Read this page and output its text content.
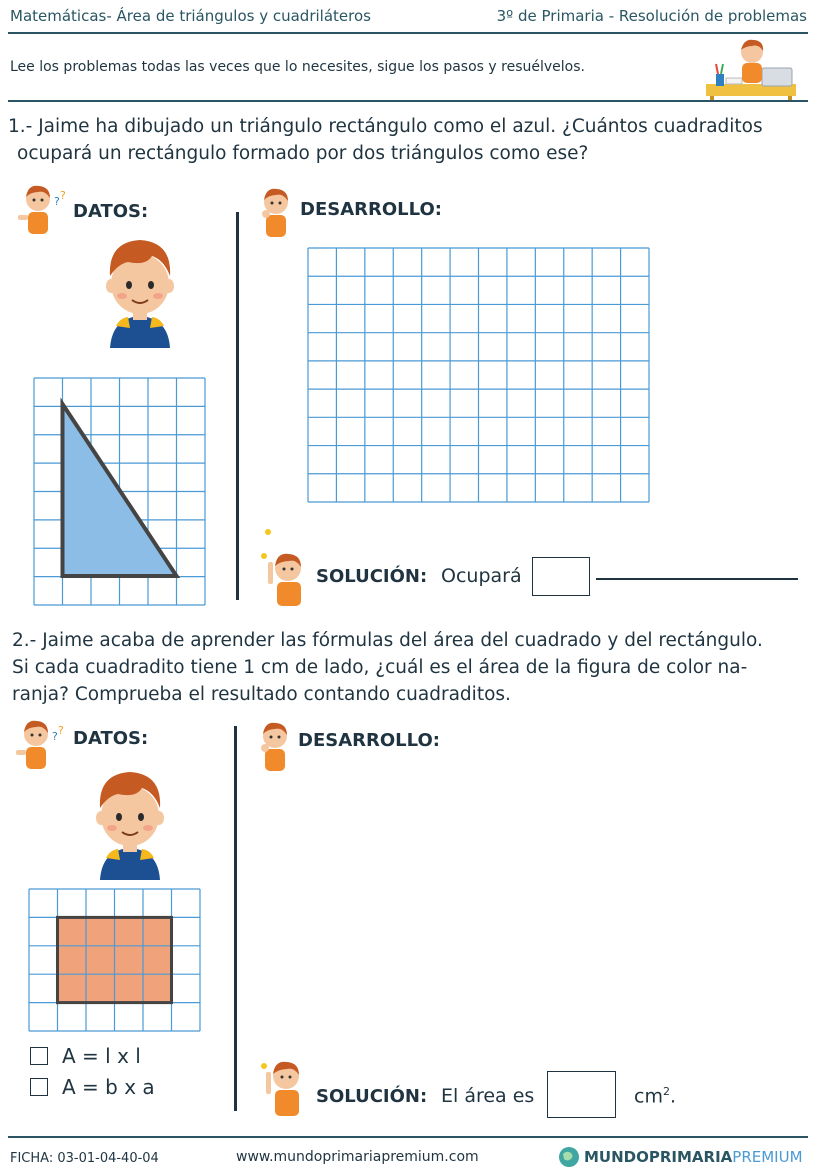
Matemáticas- Área de triángulos y cuadriláteros	3º de Primaria - Resolución de problemas
Lee los problemas todas las veces que lo necesites, sigue los pasos y resuélvelos.
1.- Jaime ha dibujado un triángulo rectángulo como el azul. ¿Cuántos cuadraditos
ocupará un rectángulo formado por dos triángulos como ese?
? ?
DATOS:	DESARROLLO:
SOLUCIÓN: Ocupará
2.- Jaime acaba de aprender las fórmulas del área del cuadrado y del rectángulo.
Si cada cuadradito tiene 1 cm de lado, ¿cuál es el área de la figura de color na-
ranja? Comprueba el resultado contando cuadraditos.
? ? DATOS:
A = l x l
A = b x a
DESARROLLO:
SOLUCIÓN: El área es	$cm^2$.
FICHA: 03-01-04-40-04	www.mundoprimariapremium.com	MUNDO PRIMARIA PREMIUM
